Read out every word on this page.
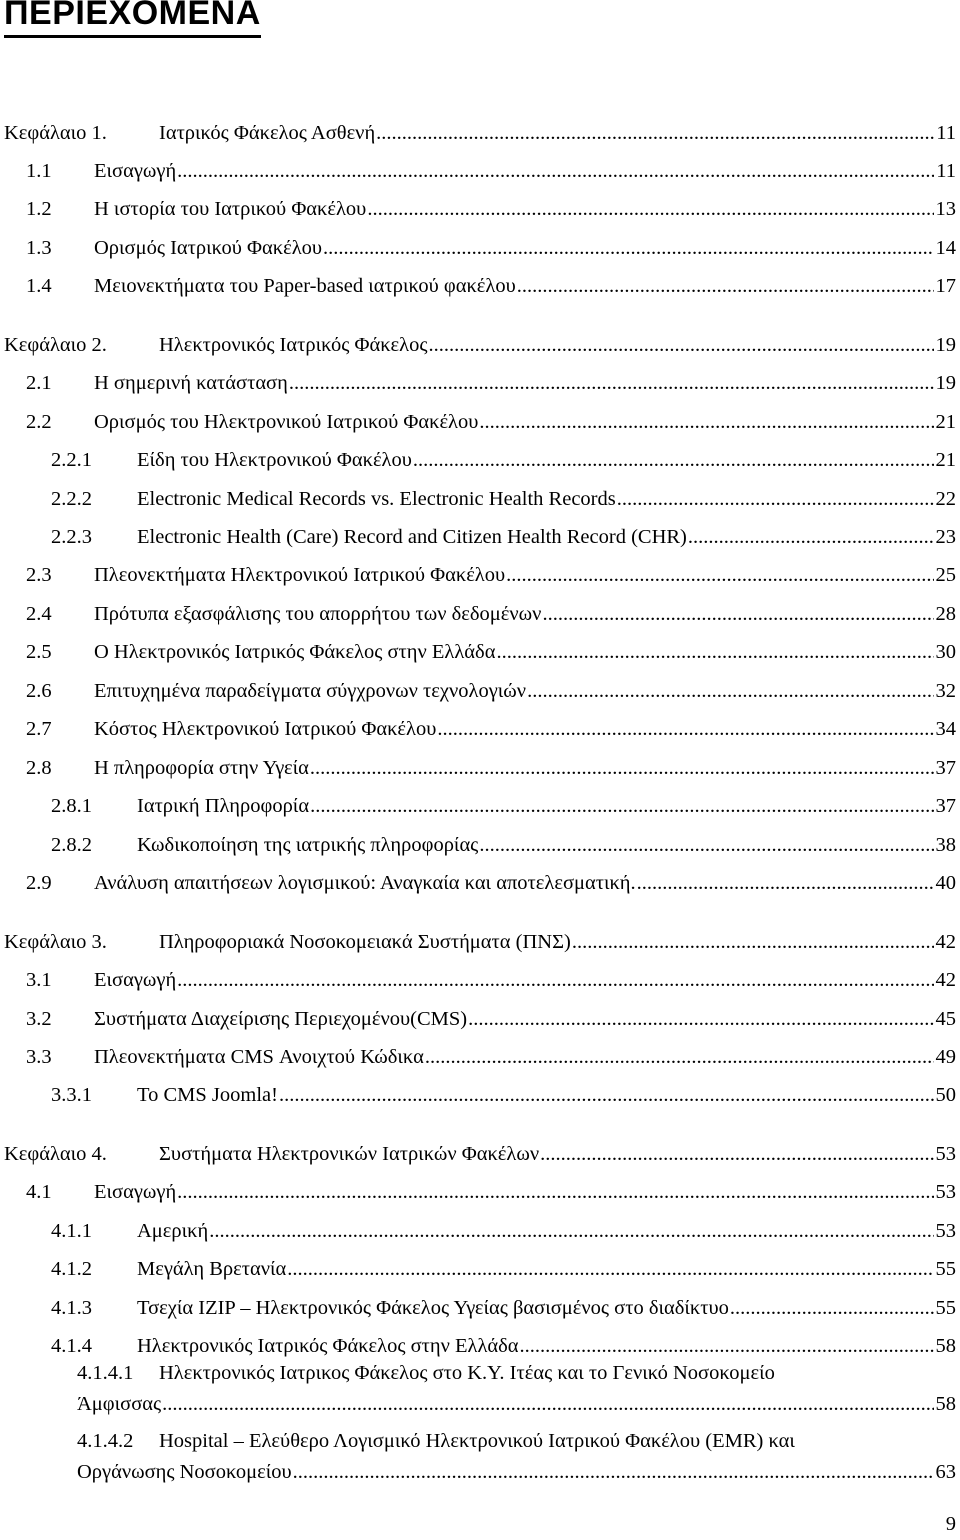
ΠΕΡΙΕΧΟΜΕΝΑ
Κεφάλαιο 1.	Ιατρικός Φάκελος Ασθενή .....	11
1.1	Εισαγωγή .....	11
1.2	Η ιστορία του Ιατρικού Φακέλου .....	13
1.3	Ορισμός Ιατρικού Φακέλου .....	14
1.4	Μειονεκτήματα του Paper-based ιατρικού φακέλου .....	17
Κεφάλαιο 2.	Ηλεκτρονικός Ιατρικός Φάκελος .....	19
2.1	Η σημερινή κατάσταση .....	19
2.2	Ορισμός του Ηλεκτρονικού Ιατρικού Φακέλου .....	21
2.2.1	Είδη του Ηλεκτρονικού Φακέλου .....	21
2.2.2	Electronic Medical Records vs. Electronic Health Records .....	22
2.2.3	Electronic Health (Care) Record and Citizen Health Record (CHR) .....	23
2.3	Πλεονεκτήματα Ηλεκτρονικού Ιατρικού Φακέλου .....	25
2.4	Πρότυπα εξασφάλισης του απορρήτου των δεδομένων .....	28
2.5	Ο Ηλεκτρονικός Ιατρικός Φάκελος στην Ελλάδα .....	30
2.6	Επιτυχημένα παραδείγματα σύγχρονων τεχνολογιών .....	32
2.7	Κόστος Ηλεκτρονικού Ιατρικού Φακέλου .....	34
2.8	Η πληροφορία στην Υγεία .....	37
2.8.1	Ιατρική Πληροφορία .....	37
2.8.2	Κωδικοποίηση της ιατρικής πληροφορίας .....	38
2.9	Ανάλυση απαιτήσεων λογισμικού: Αναγκαία και αποτελεσματική. .....	40
Κεφάλαιο 3.	Πληροφοριακά Νοσοκομειακά Συστήματα (ΠΝΣ) .....	42
3.1	Εισαγωγή .....	42
3.2	Συστήματα Διαχείρισης Περιεχομένου(CMS) .....	45
3.3	Πλεονεκτήματα CMS Ανοιχτού Κώδικα .....	49
3.3.1	To CMS Joomla! .....	50
Κεφάλαιο 4.	Συστήματα Ηλεκτρονικών Ιατρικών Φακέλων .....	53
4.1	Εισαγωγή .....	53
4.1.1	Αμερική .....	53
4.1.2	Μεγάλη Βρετανία .....	55
4.1.3	Τσεχία IZIP – Ηλεκτρονικός Φάκελος Υγείας βασισμένος στο διαδίκτυο .....	55
4.1.4	Ηλεκτρονικός Ιατρικός Φάκελος στην Ελλάδα .....	58
4.1.4.1	Ηλεκτρονικός Ιατρικος Φάκελος στο Κ.Υ. Ιτέας και το Γενικό Νοσοκομείο
Άμφισσας .....	58
4.1.4.2	Hospital – Ελεύθερο Λογισμικό Ηλεκτρονικού Ιατρικού Φακέλου (EMR) και
Οργάνωσης Νοσοκομείου .....	63
9
